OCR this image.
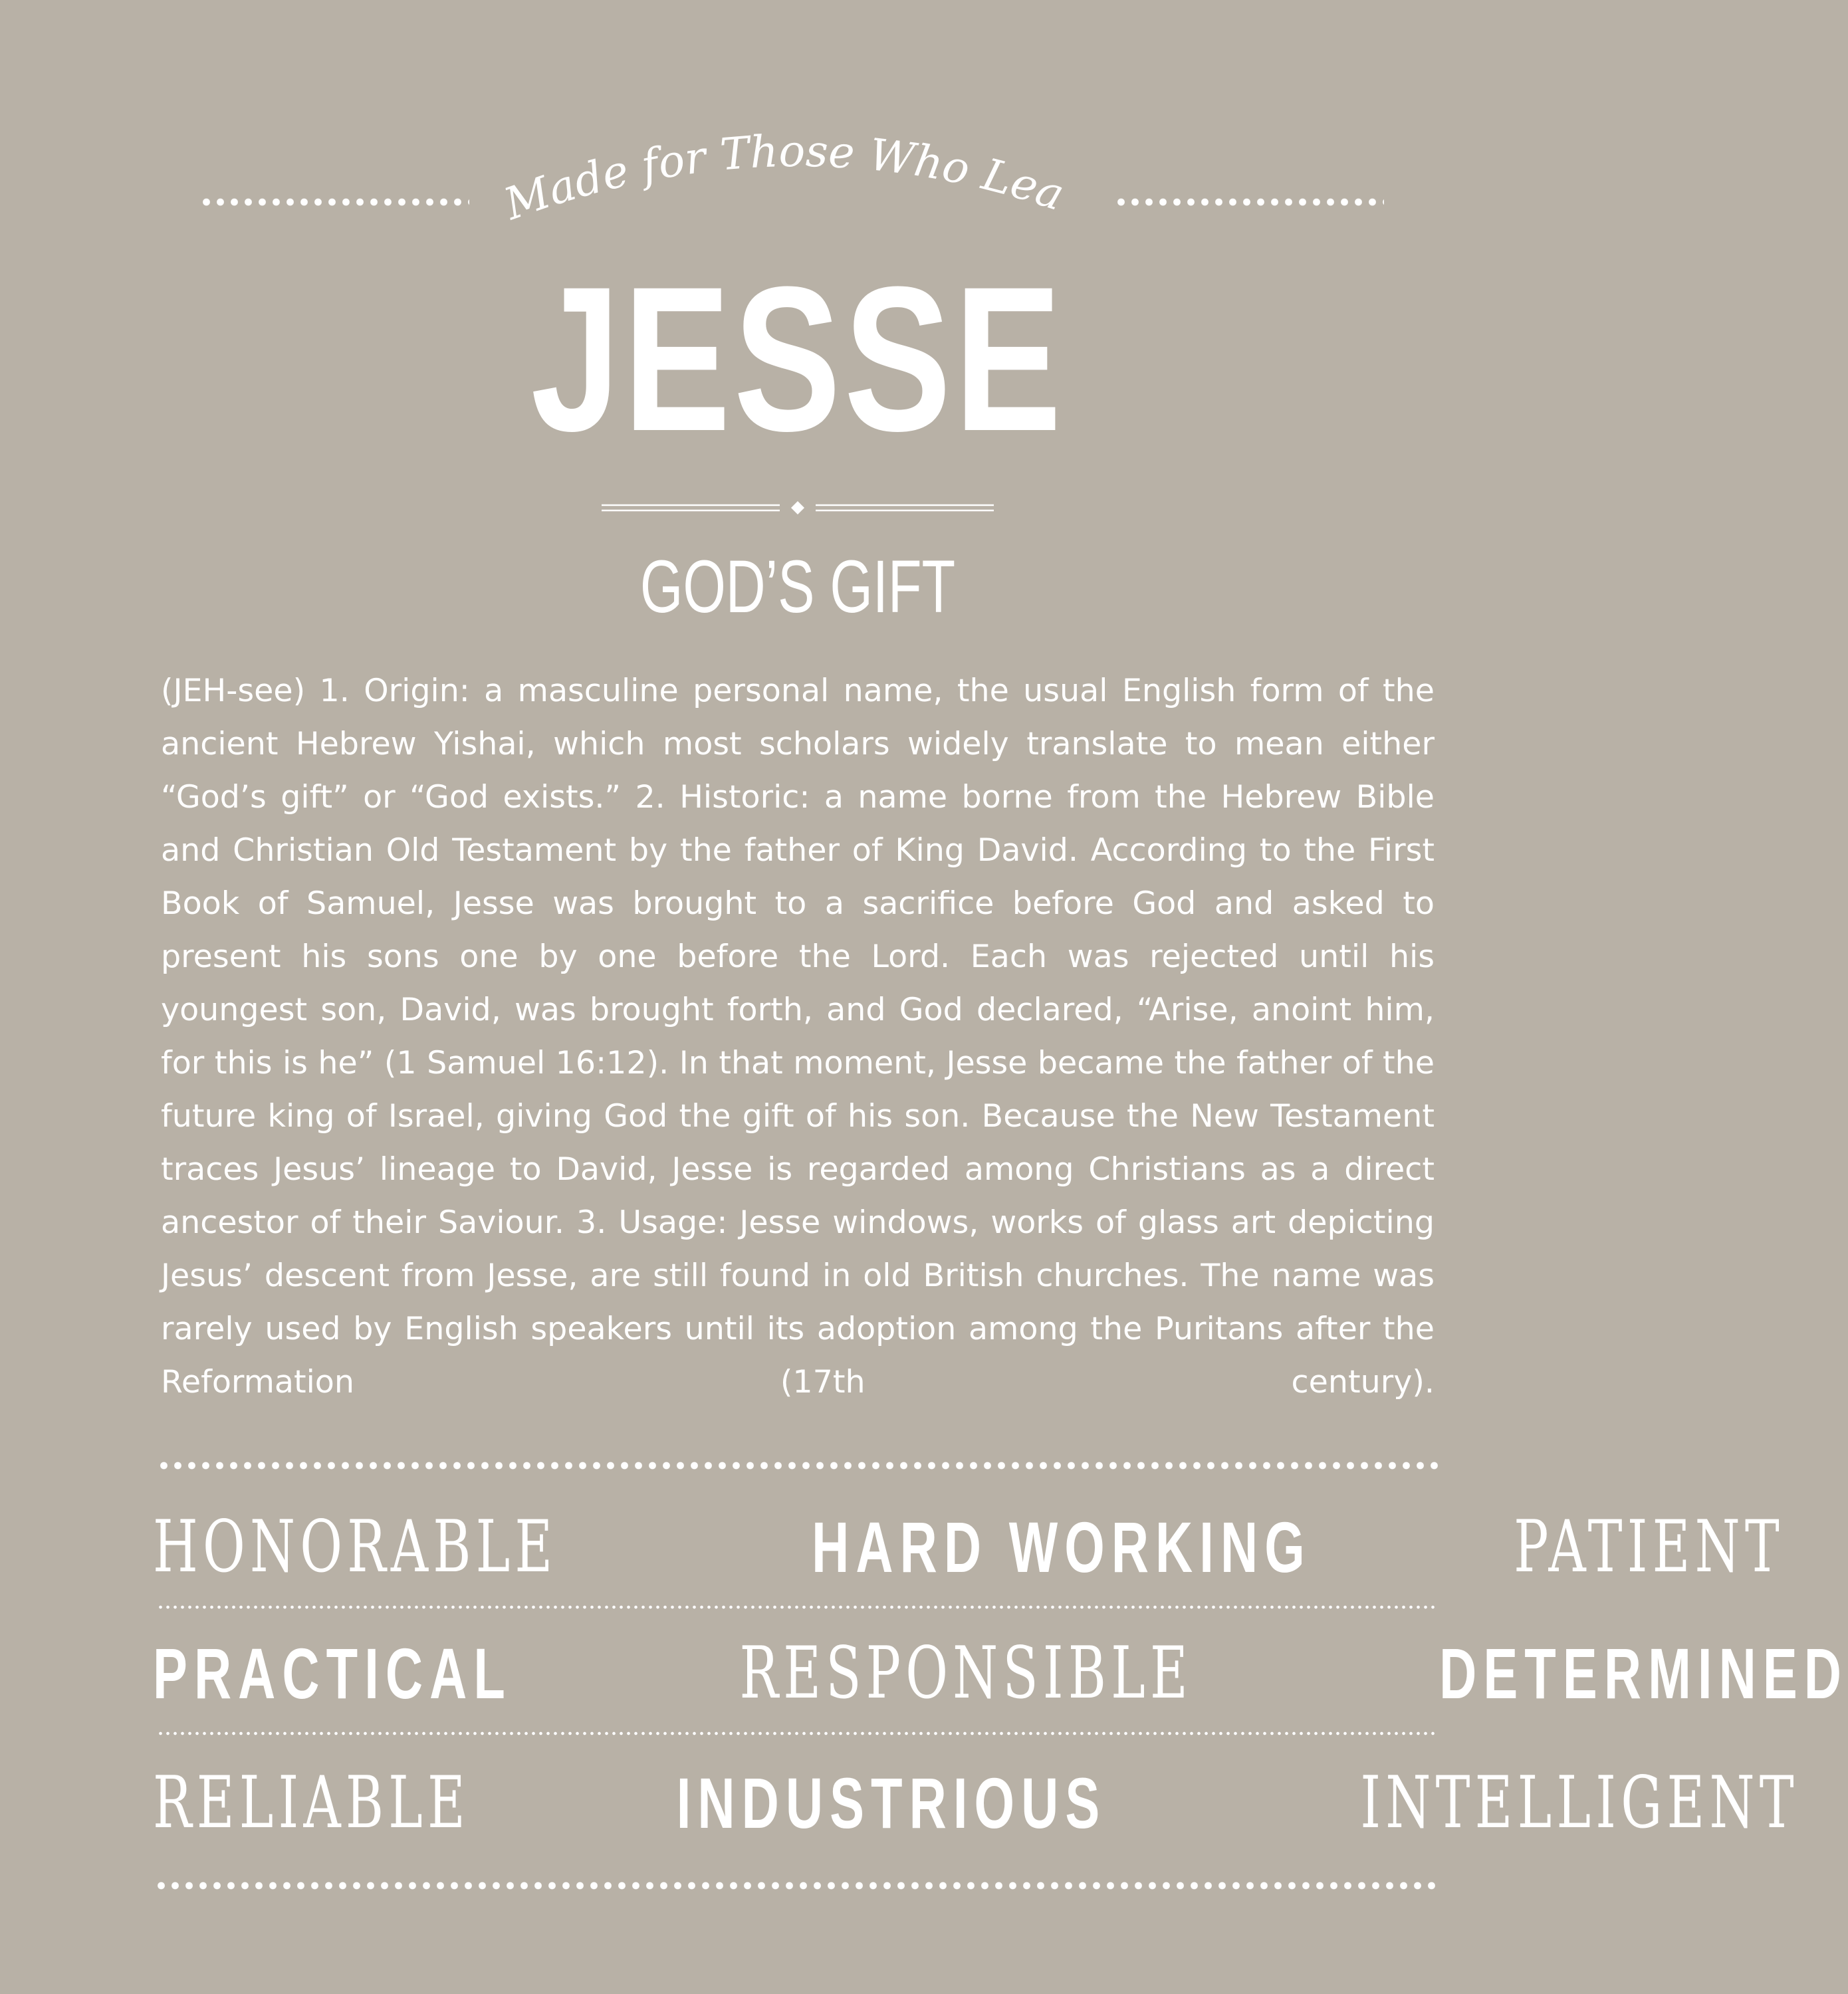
Made for Those Who Lead
JESSE
GOD’S GIFT

(JEH-see) 1. Origin: a masculine personal name, the usual English form of the ancient Hebrew Yishai, which most scholars widely translate to mean either “God’s gift” or “God exists.” 2. Historic: a name borne from the Hebrew Bible and Christian Old Testament by the father of King David. According to the First Book of Samuel, Jesse was brought to a sacrifice before God and asked to present his sons one by one before the Lord. Each was rejected until his youngest son, David, was brought forth, and God declared, “Arise, anoint him, for this is he” (1 Samuel 16:12). In that moment, Jesse became the father of the future king of Israel, giving God the gift of his son. Because the New Testament traces Jesus’ lineage to David, Jesse is regarded among Christians as a direct ancestor of their Saviour. 3. Usage: Jesse windows, works of glass art depicting Jesus’ descent from Jesse, are still found in old British churches. The name was rarely used by English speakers until its adoption among the Puritans after the Reformation (17th century).

HONORABLE	HARD WORKING	PATIENT
PRACTICAL	RESPONSIBLE	DETERMINED
RELIABLE	INDUSTRIOUS	INTELLIGENT
